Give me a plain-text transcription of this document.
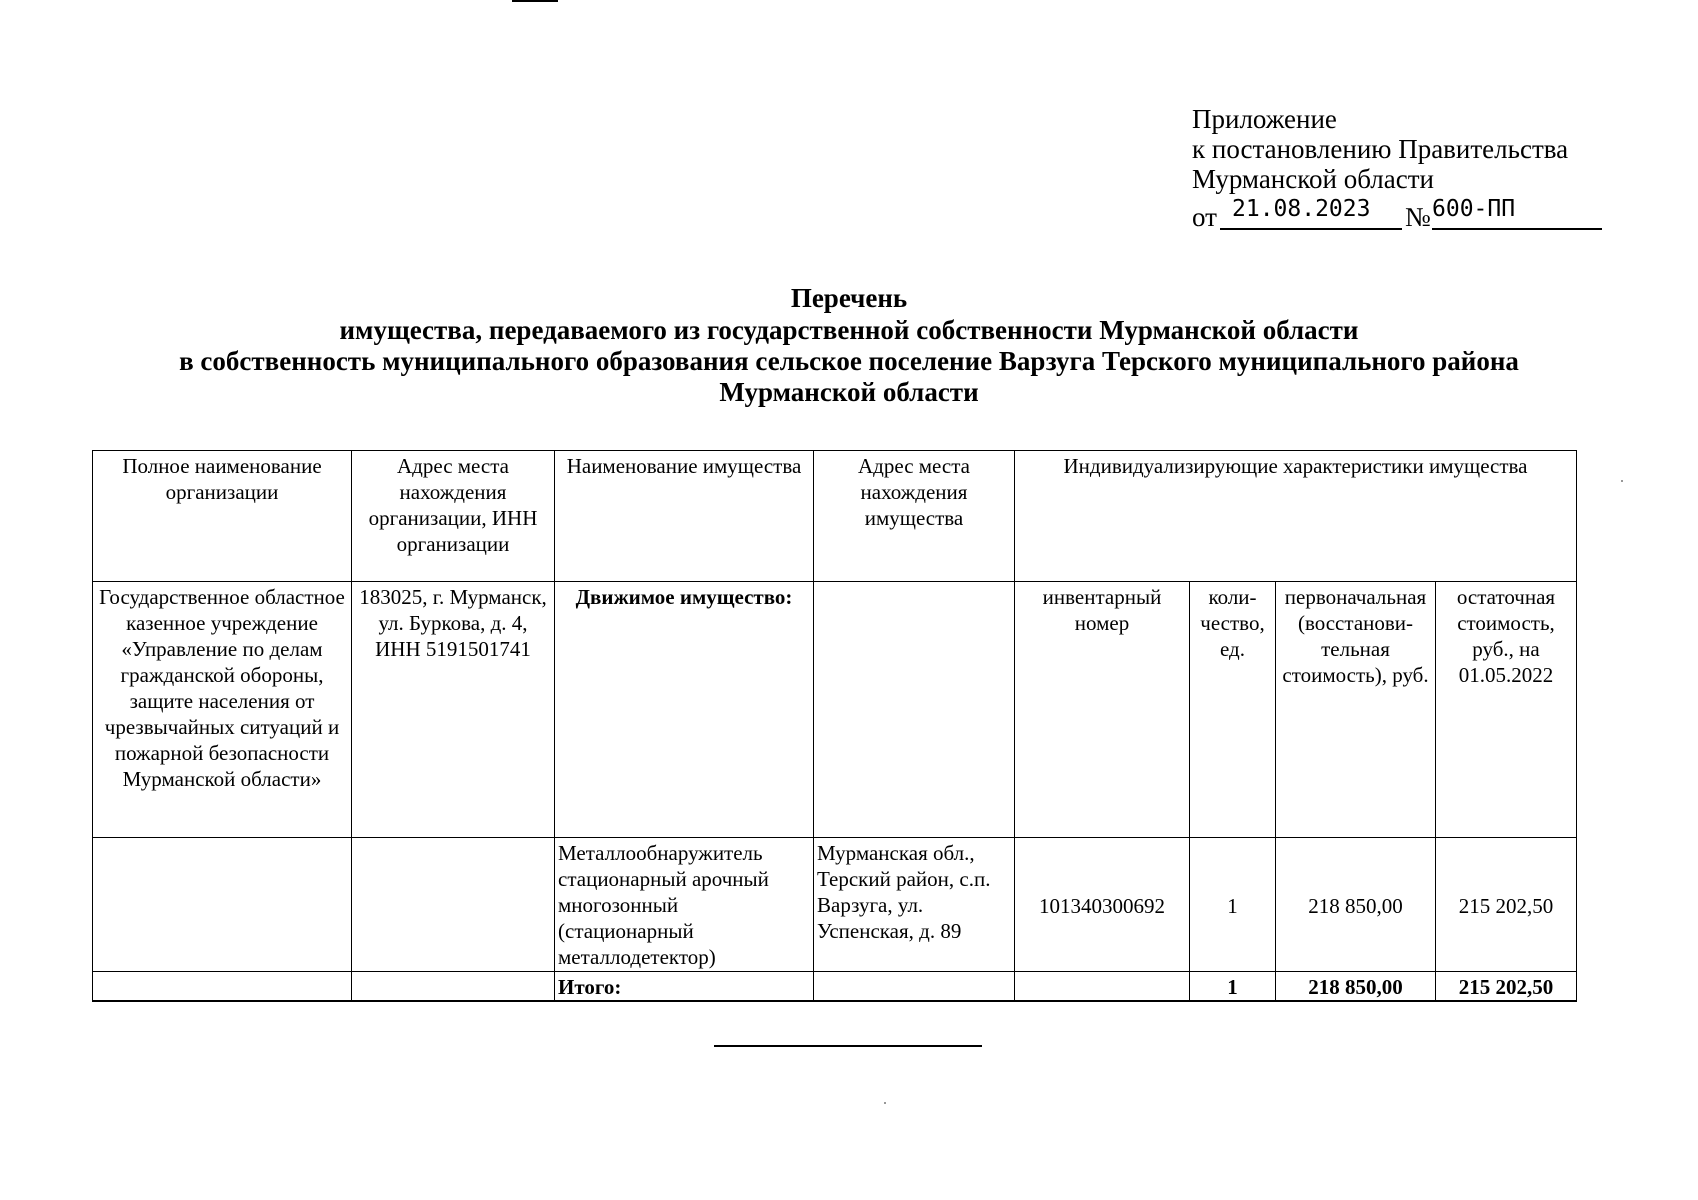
Приложение
к постановлению Правительства
Мурманской области
от 21.08.2023 № 600-ПП
Перечень
имущества, передаваемого из государственной собственности Мурманской области
в собственность муниципального образования сельское поселение Варзуга Терского муниципального района
Мурманской области
Полное наименование организации	Адрес места нахождения организации, ИНН организации	Наименование имущества	Адрес места нахождения имущества	Индивидуализирующие характеристики имущества			
Государственное областное казенное учреждение «Управление по делам гражданской обороны, защите населения от чрезвычайных ситуаций и пожарной безопасности Мурманской области»	183025, г. Мурманск, ул. Буркова, д. 4, ИНН 5191501741	Движимое имущество:		инвентарный номер	коли-чество, ед.	первоначальная (восстанови-тельная стоимость), руб.	остаточная стоимость, руб., на 01.05.2022
		Металлообнаружитель стационарный арочный многозонный (стационарный металлодетектор)	Мурманская обл., Терский район, с.п. Варзуга, ул. Успенская, д. 89	101340300692	1	218 850,00	215 202,50
		Итого:			1	218 850,00	215 202,50
